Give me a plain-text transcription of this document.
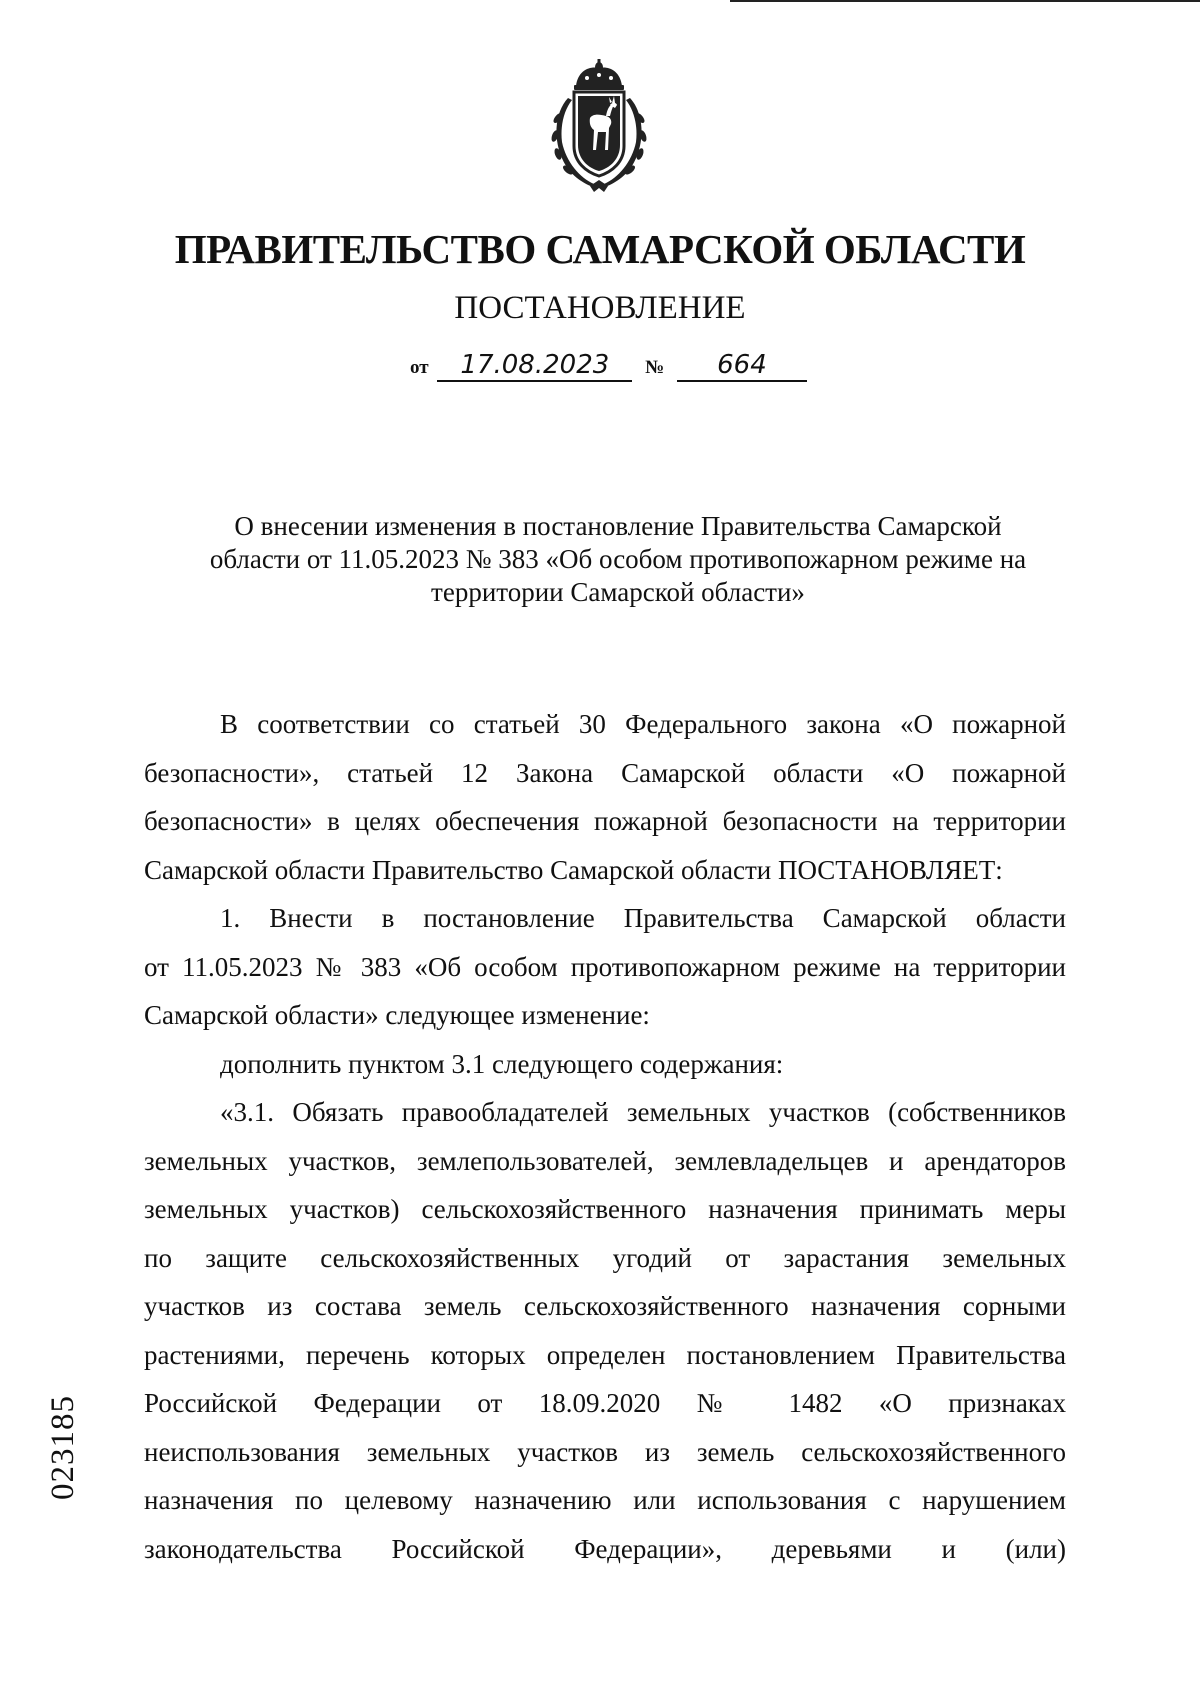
ПРАВИТЕЛЬСТВО САМАРСКОЙ ОБЛАСТИ
ПОСТАНОВЛЕНИЕ
от 17.08.2023 № 664
О внесении изменения в постановление Правительства Самарской
области от 11.05.2023 № 383 «Об особом противопожарном режиме на
территории Самарской области»
В соответствии со статьей 30 Федерального закона «О пожарной
безопасности», статьей 12 Закона Самарской области «О пожарной
безопасности» в целях обеспечения пожарной безопасности на территории
Самарской области Правительство Самарской области ПОСТАНОВЛЯЕТ:
1. Внести в постановление Правительства Самарской области
от 11.05.2023 № 383 «Об особом противопожарном режиме на территории
Самарской области» следующее изменение:
дополнить пунктом 3.1 следующего содержания:
«3.1. Обязать правообладателей земельных участков (собственников
земельных участков, землепользователей, землевладельцев и арендаторов
земельных участков) сельскохозяйственного назначения принимать меры
по защите сельскохозяйственных угодий от зарастания земельных
участков из состава земель сельскохозяйственного назначения сорными
растениями, перечень которых определен постановлением Правительства
Российской Федерации от 18.09.2020 № 1482 «О признаках
неиспользования земельных участков из земель сельскохозяйственного
назначения по целевому назначению или использования с нарушением
законодательства Российской Федерации», деревьями и (или)
023185
